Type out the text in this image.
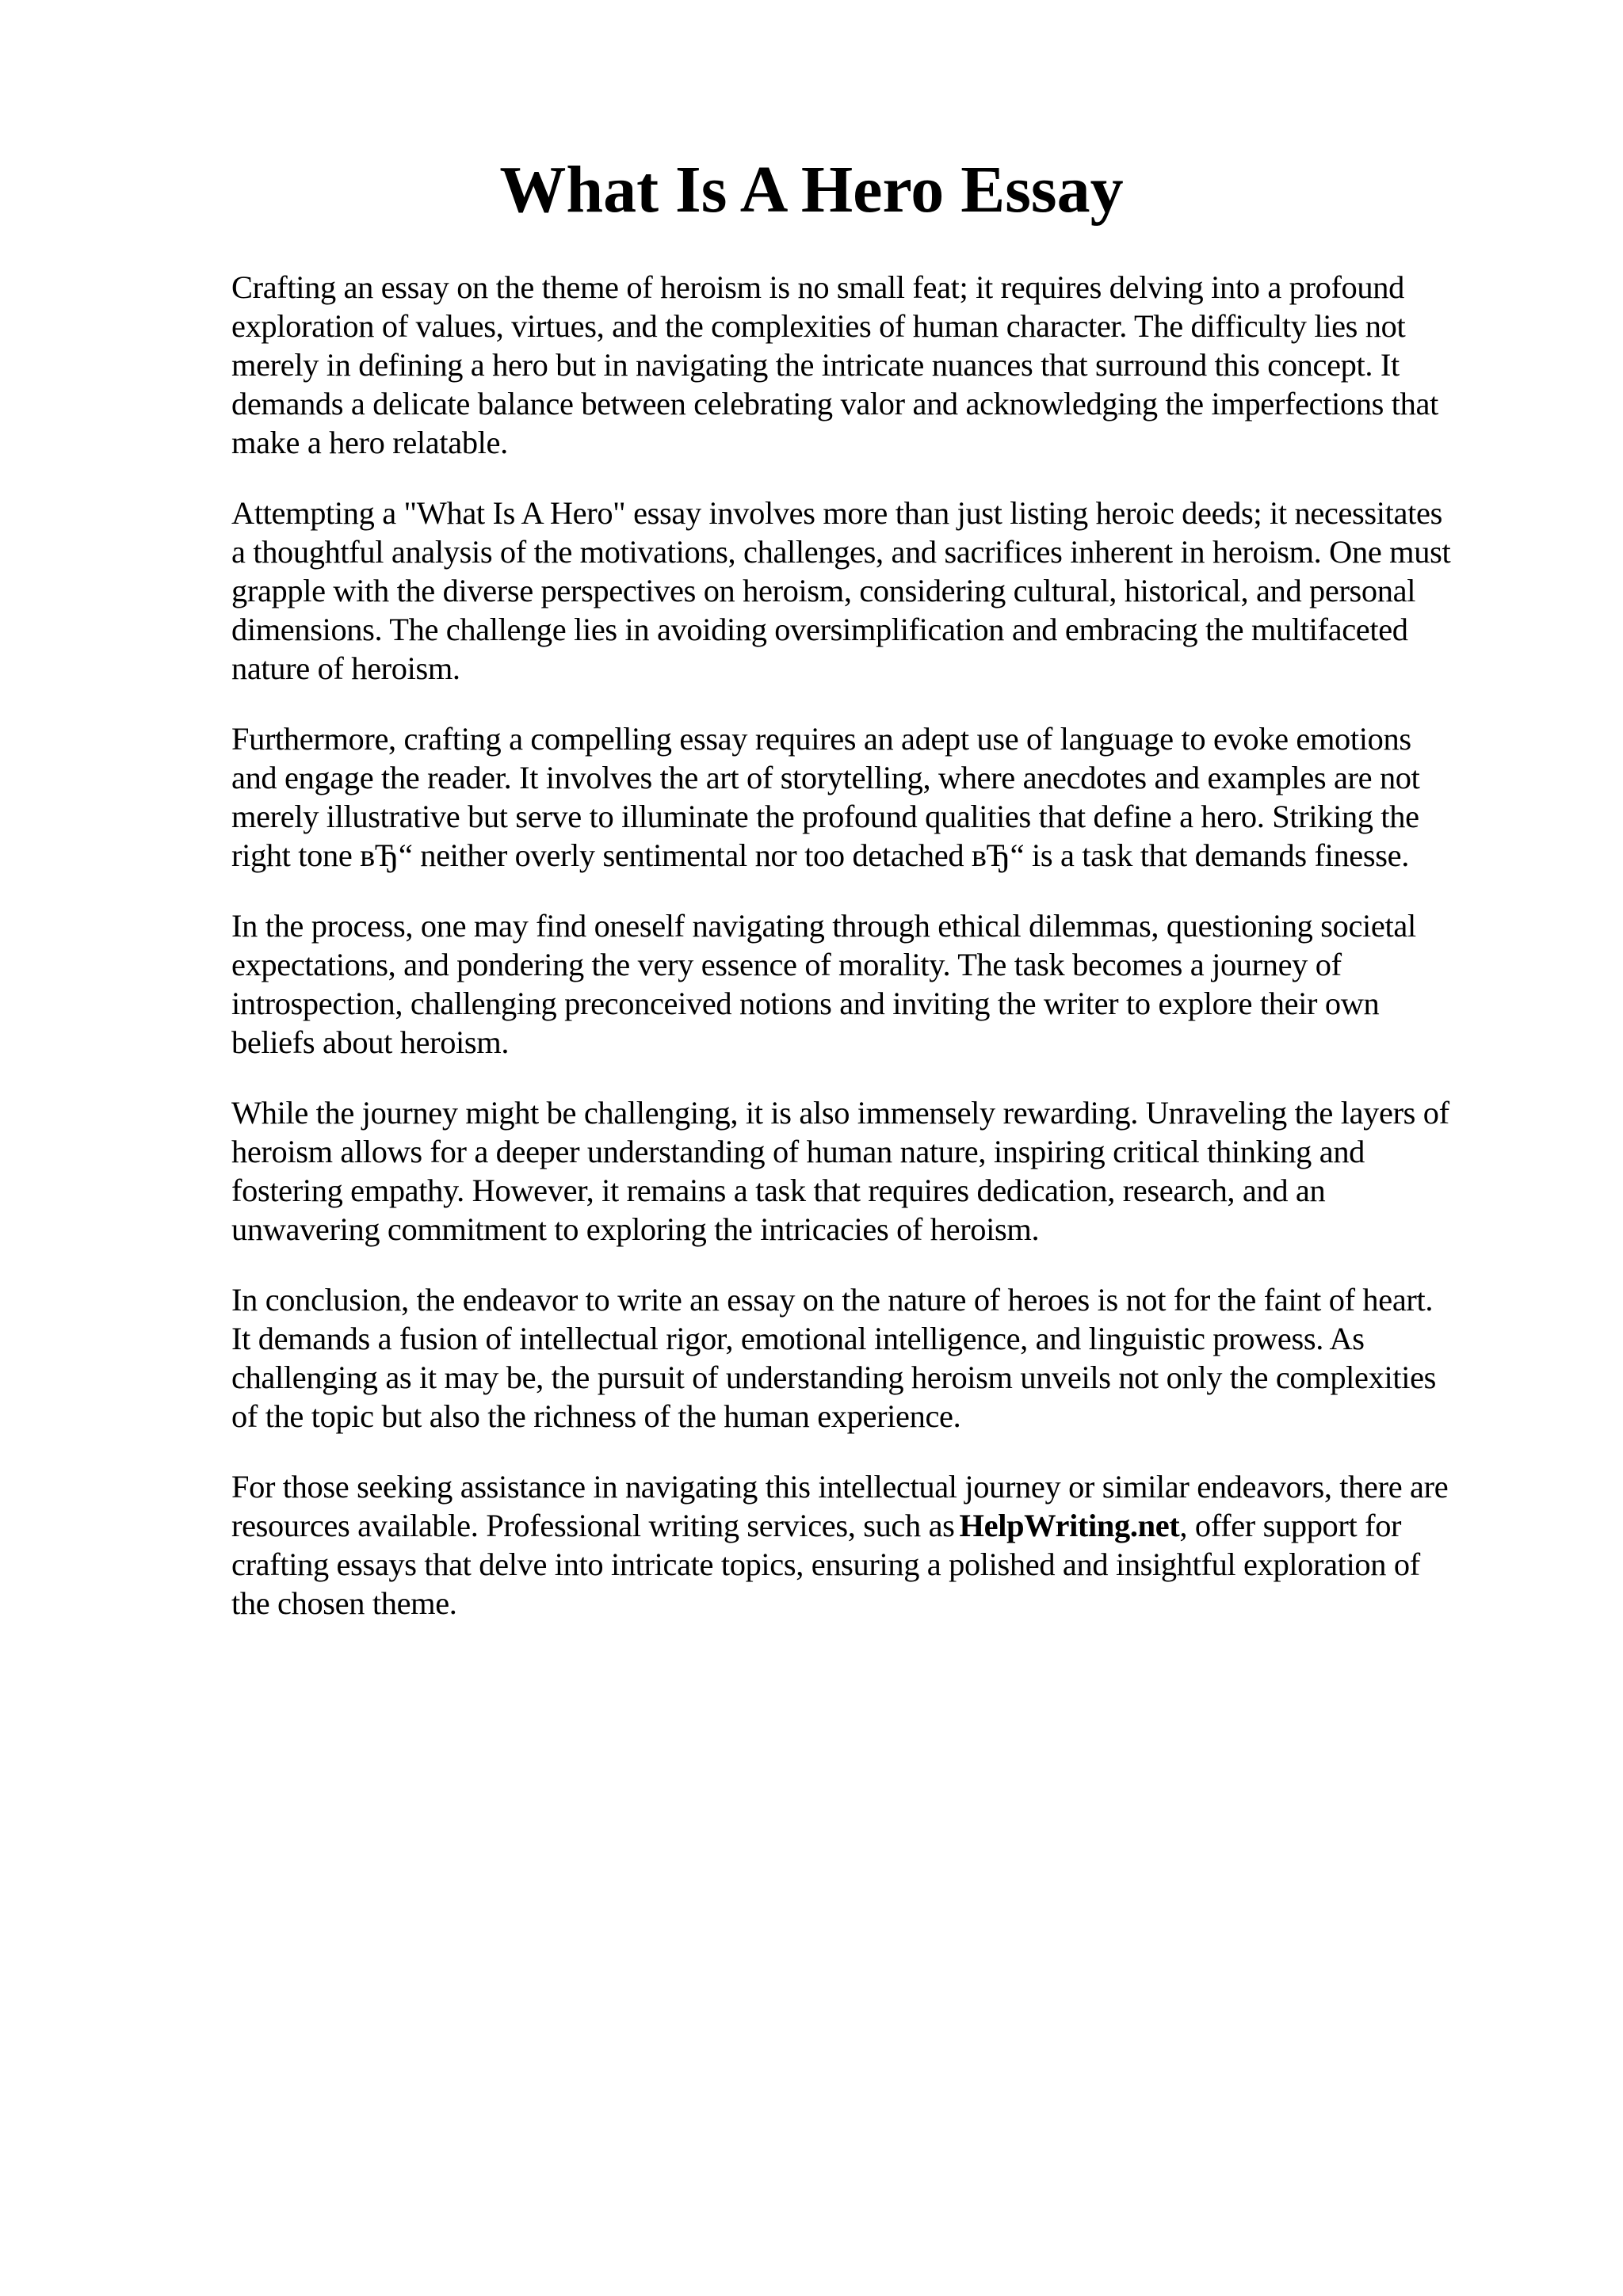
What Is A Hero Essay

Crafting an essay on the theme of heroism is no small feat; it requires delving into a profound
exploration of values, virtues, and the complexities of human character. The difficulty lies not
merely in defining a hero but in navigating the intricate nuances that surround this concept. It
demands a delicate balance between celebrating valor and acknowledging the imperfections that
make a hero relatable.

Attempting a "What Is A Hero" essay involves more than just listing heroic deeds; it necessitates
a thoughtful analysis of the motivations, challenges, and sacrifices inherent in heroism. One must
grapple with the diverse perspectives on heroism, considering cultural, historical, and personal
dimensions. The challenge lies in avoiding oversimplification and embracing the multifaceted
nature of heroism.

Furthermore, crafting a compelling essay requires an adept use of language to evoke emotions
and engage the reader. It involves the art of storytelling, where anecdotes and examples are not
merely illustrative but serve to illuminate the profound qualities that define a hero. Striking the
right tone вЂ“ neither overly sentimental nor too detached вЂ“ is a task that demands finesse.

In the process, one may find oneself navigating through ethical dilemmas, questioning societal
expectations, and pondering the very essence of morality. The task becomes a journey of
introspection, challenging preconceived notions and inviting the writer to explore their own
beliefs about heroism.

While the journey might be challenging, it is also immensely rewarding. Unraveling the layers of
heroism allows for a deeper understanding of human nature, inspiring critical thinking and
fostering empathy. However, it remains a task that requires dedication, research, and an
unwavering commitment to exploring the intricacies of heroism.

In conclusion, the endeavor to write an essay on the nature of heroes is not for the faint of heart.
It demands a fusion of intellectual rigor, emotional intelligence, and linguistic prowess. As
challenging as it may be, the pursuit of understanding heroism unveils not only the complexities
of the topic but also the richness of the human experience.

For those seeking assistance in navigating this intellectual journey or similar endeavors, there are
resources available. Professional writing services, such as HelpWriting.net, offer support for
crafting essays that delve into intricate topics, ensuring a polished and insightful exploration of
the chosen theme.
